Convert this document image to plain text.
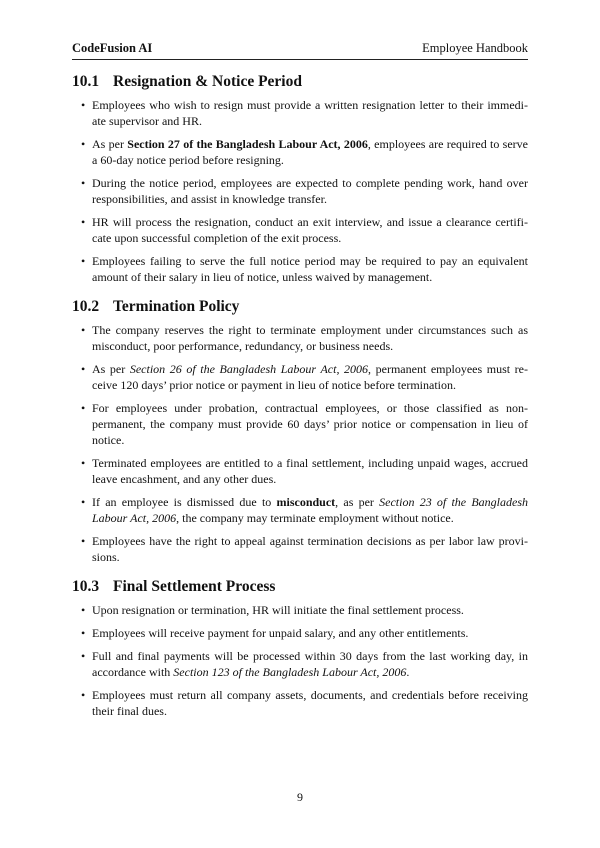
CodeFusion AI	Employee Handbook
10.1 Resignation & Notice Period
• Employees who wish to resign must provide a written resignation letter to their immedi-ate supervisor and HR.
• As per Section 27 of the Bangladesh Labour Act, 2006, employees are required to serve a 60-day notice period before resigning.
• During the notice period, employees are expected to complete pending work, hand over responsibilities, and assist in knowledge transfer.
• HR will process the resignation, conduct an exit interview, and issue a clearance certifi-cate upon successful completion of the exit process.
• Employees failing to serve the full notice period may be required to pay an equivalent amount of their salary in lieu of notice, unless waived by management.
10.2 Termination Policy
• The company reserves the right to terminate employment under circumstances such as misconduct, poor performance, redundancy, or business needs.
• As per Section 26 of the Bangladesh Labour Act, 2006, permanent employees must re-ceive 120 days’ prior notice or payment in lieu of notice before termination.
• For employees under probation, contractual employees, or those classified as non-permanent, the company must provide 60 days’ prior notice or compensation in lieu of notice.
• Terminated employees are entitled to a final settlement, including unpaid wages, accrued leave encashment, and any other dues.
• If an employee is dismissed due to misconduct, as per Section 23 of the Bangladesh Labour Act, 2006, the company may terminate employment without notice.
• Employees have the right to appeal against termination decisions as per labor law provi-sions.
10.3 Final Settlement Process
• Upon resignation or termination, HR will initiate the final settlement process.
• Employees will receive payment for unpaid salary, and any other entitlements.
• Full and final payments will be processed within 30 days from the last working day, in accordance with Section 123 of the Bangladesh Labour Act, 2006.
• Employees must return all company assets, documents, and credentials before receiving their final dues.
9
